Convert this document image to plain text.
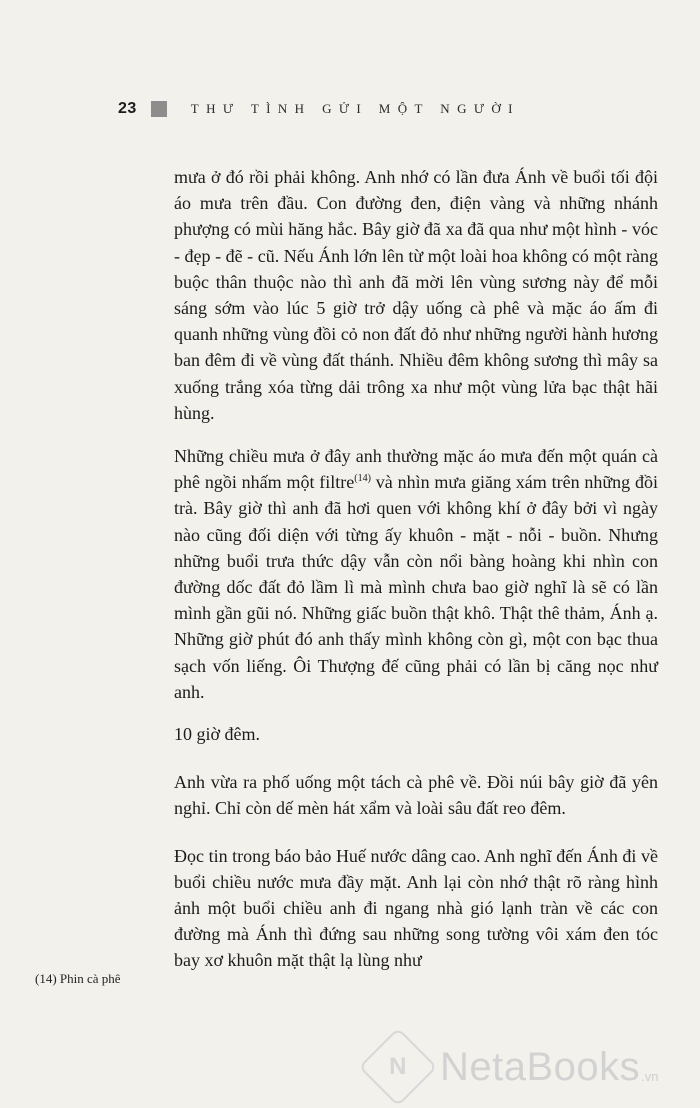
23	THƯ TÌNH GỬI MỘT NGƯỜI

mưa ở đó rồi phải không. Anh nhớ có lần đưa Ánh về buổi tối đội áo mưa trên đầu. Con đường đen, điện vàng và những nhánh phượng có mùi hăng hắc. Bây giờ đã xa đã qua như một hình - vóc - đẹp - đẽ - cũ. Nếu Ánh lớn lên từ một loài hoa không có một ràng buộc thân thuộc nào thì anh đã mời lên vùng sương này để mỗi sáng sớm vào lúc 5 giờ trở dậy uống cà phê và mặc áo ấm đi quanh những vùng đồi cỏ non đất đỏ như những người hành hương ban đêm đi về vùng đất thánh. Nhiều đêm không sương thì mây sa xuống trắng xóa từng dải trông xa như một vùng lửa bạc thật hãi hùng.

Những chiều mưa ở đây anh thường mặc áo mưa đến một quán cà phê ngồi nhấm một filtre$^{(14)}$ và nhìn mưa giăng xám trên những đồi trà. Bây giờ thì anh đã hơi quen với không khí ở đây bởi vì ngày nào cũng đối diện với từng ấy khuôn - mặt - nỗi - buồn. Nhưng những buổi trưa thức dậy vẫn còn nổi bàng hoàng khi nhìn con đường dốc đất đỏ lầm lì mà mình chưa bao giờ nghĩ là sẽ có lần mình gần gũi nó. Những giấc buồn thật khô. Thật thê thảm, Ánh ạ. Những giờ phút đó anh thấy mình không còn gì, một con bạc thua sạch vốn liếng. Ôi Thượng đế cũng phải có lần bị căng nọc như anh.

10 giờ đêm.

Anh vừa ra phố uống một tách cà phê về. Đồi núi bây giờ đã yên nghỉ. Chỉ còn dế mèn hát xẩm và loài sâu đất reo đêm.

Đọc tin trong báo bảo Huế nước dâng cao. Anh nghĩ đến Ánh đi về buổi chiều nước mưa đầy mặt. Anh lại còn nhớ thật rõ ràng hình ảnh một buổi chiều anh đi ngang nhà gió lạnh tràn về các con đường mà Ánh thì đứng sau những song tường vôi xám đen tóc bay xơ khuôn mặt thật lạ lùng như

(14) Phin cà phê
N NetaBooks .vn
